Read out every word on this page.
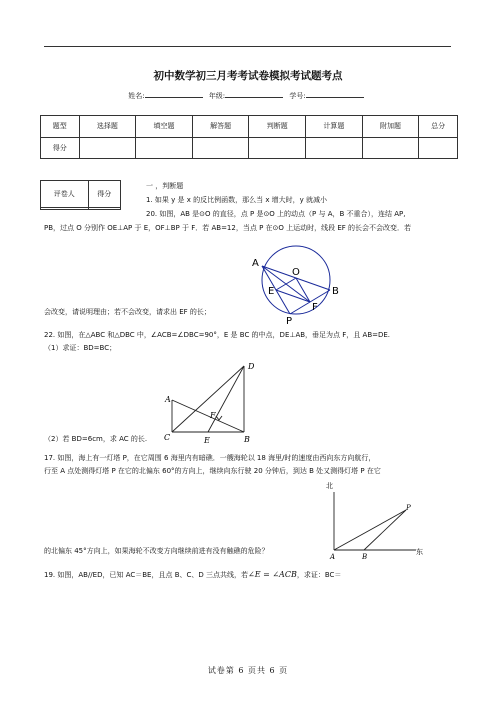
初中数学初三月考考试卷模拟考试题考点
姓名:	年级:	学号:
题型	选择题	填空题	解答题	判断题	计算题	附加题	总分
得分							
评卷人	得分

一 ，判断题
1. 如果 y 是 x 的反比例函数，那么当 x 增大时，y 就减小
20. 如图，AB 是⊙O 的直径，点 P 是⊙O 上的动点（P 与 A，B 不重合），连结 AP,
PB，过点 O 分别作 OE⊥AP 于 E，OF⊥BP 于 F．若 AB=12，当点 P 在⊙O 上运动时，线段 EF 的长会不会改变．若
A
O
E	B
F
P
会改变，请说明理由；若不会改变，请求出 EF 的长；
22. 如图，在△ABC 和△DBC 中，∠ACB=∠DBC=90°，E 是 BC 的中点，DE⊥AB，垂足为点 F，且 AB=DE.
（1）求证：BD=BC；
D
A
F
C	E	B
（2）若 BD=6cm，求 AC 的长.
17. 如图，海上有一灯塔 P，在它周围 6 海里内有暗礁．一艘海轮以 18 海里/时的速度由西向东方向航行，
行至 A 点处测得灯塔 P 在它的北偏东 60°的方向上，继续向东行驶 20 分钟后，到达 B 处又测得灯塔 P 在它
北
P
A	B
东
的北偏东 45°方向上，如果海轮不改变方向继续前进有没有触礁的危险？
19. 如图，AB//ED，已知 AC＝BE，且点 B、C、D 三点共线，若∠E = ∠ACB，求证：BC＝
试卷第 6 页共 6 页
